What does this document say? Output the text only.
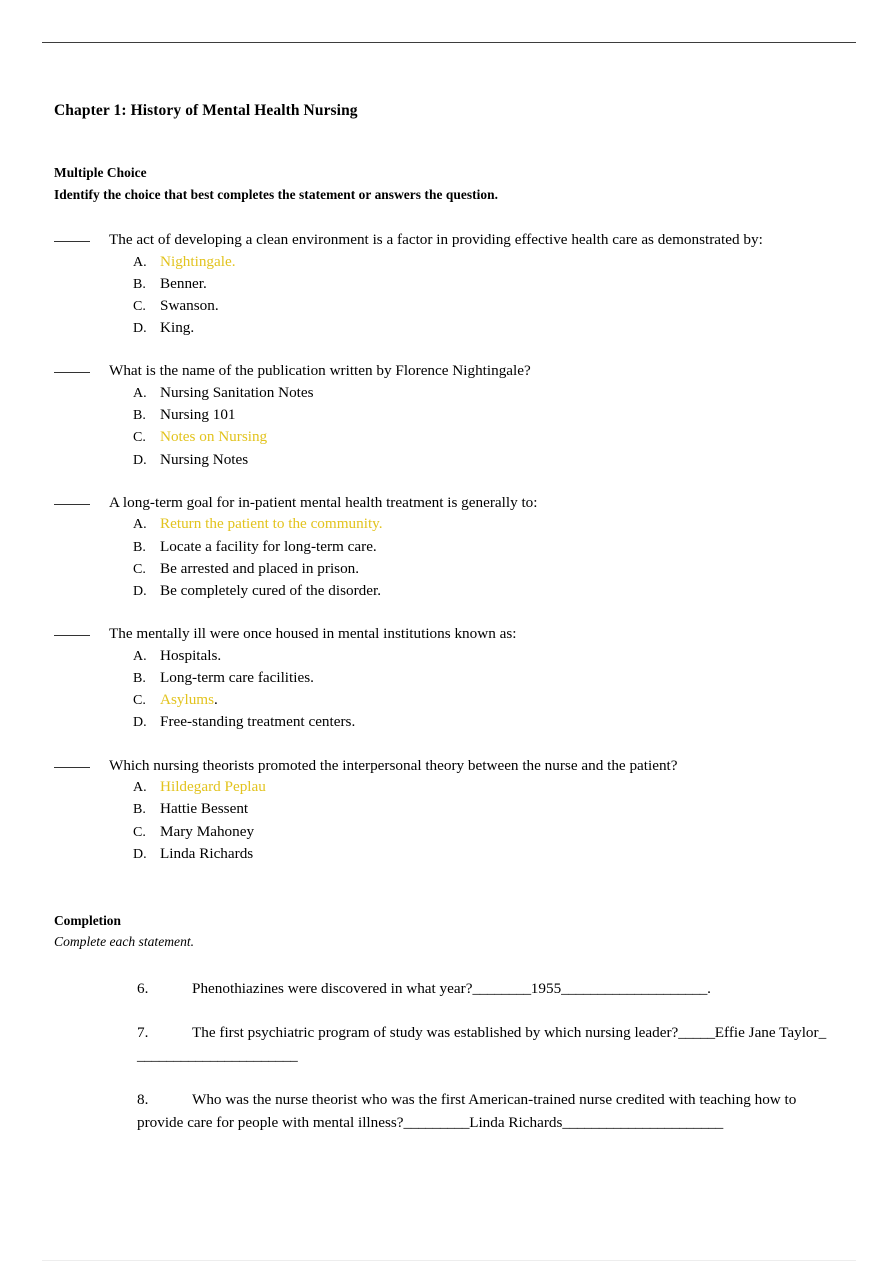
Chapter 1: History of Mental Health Nursing
Multiple Choice
Identify the choice that best completes the statement or answers the question.
The act of developing a clean environment is a factor in providing effective health care as demonstrated by:
A. Nightingale.
B. Benner.
C. Swanson.
D. King.
What is the name of the publication written by Florence Nightingale?
A. Nursing Sanitation Notes
B. Nursing 101
C. Notes on Nursing
D. Nursing Notes
A long-term goal for in-patient mental health treatment is generally to:
A. Return the patient to the community.
B. Locate a facility for long-term care.
C. Be arrested and placed in prison.
D. Be completely cured of the disorder.
The mentally ill were once housed in mental institutions known as:
A. Hospitals.
B. Long-term care facilities.
C. Asylums.
D. Free-standing treatment centers.
Which nursing theorists promoted the interpersonal theory between the nurse and the patient?
A. Hildegard Peplau
B. Hattie Bessent
C. Mary Mahoney
D. Linda Richards
Completion
Complete each statement.
6.	Phenothiazines were discovered in what year?________1955____________________.
7.	The first psychiatric program of study was established by which nursing leader?_____Effie Jane Taylor_ ______________________
8.	Who was the nurse theorist who was the first American-trained nurse credited with teaching how to provide care for people with mental illness?_________Linda Richards______________________
